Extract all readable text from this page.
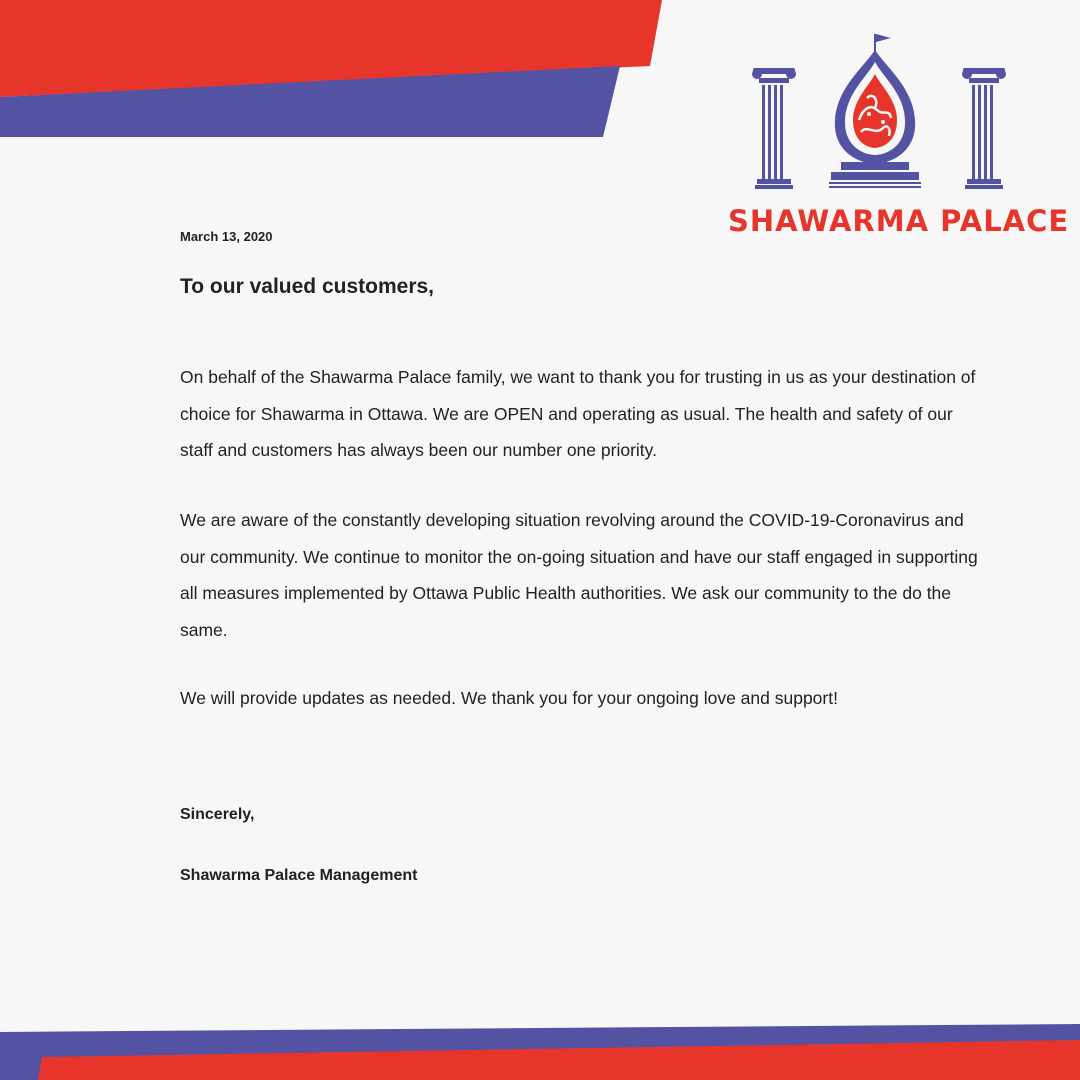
SHAWARMA PALACE
March 13, 2020
To our valued customers,
On behalf of the Shawarma Palace family, we want to thank you for trusting in us as your destination of choice for Shawarma in Ottawa. We are OPEN and operating as usual. The health and safety of our staff and customers has always been our number one priority.
We are aware of the constantly developing situation revolving around the COVID-19-Coronavirus and our community. We continue to monitor the on-going situation and have our staff engaged in supporting all measures implemented by Ottawa Public Health authorities. We ask our community to the do the same.
We will provide updates as needed. We thank you for your ongoing love and support!
Sincerely,
Shawarma Palace Management
